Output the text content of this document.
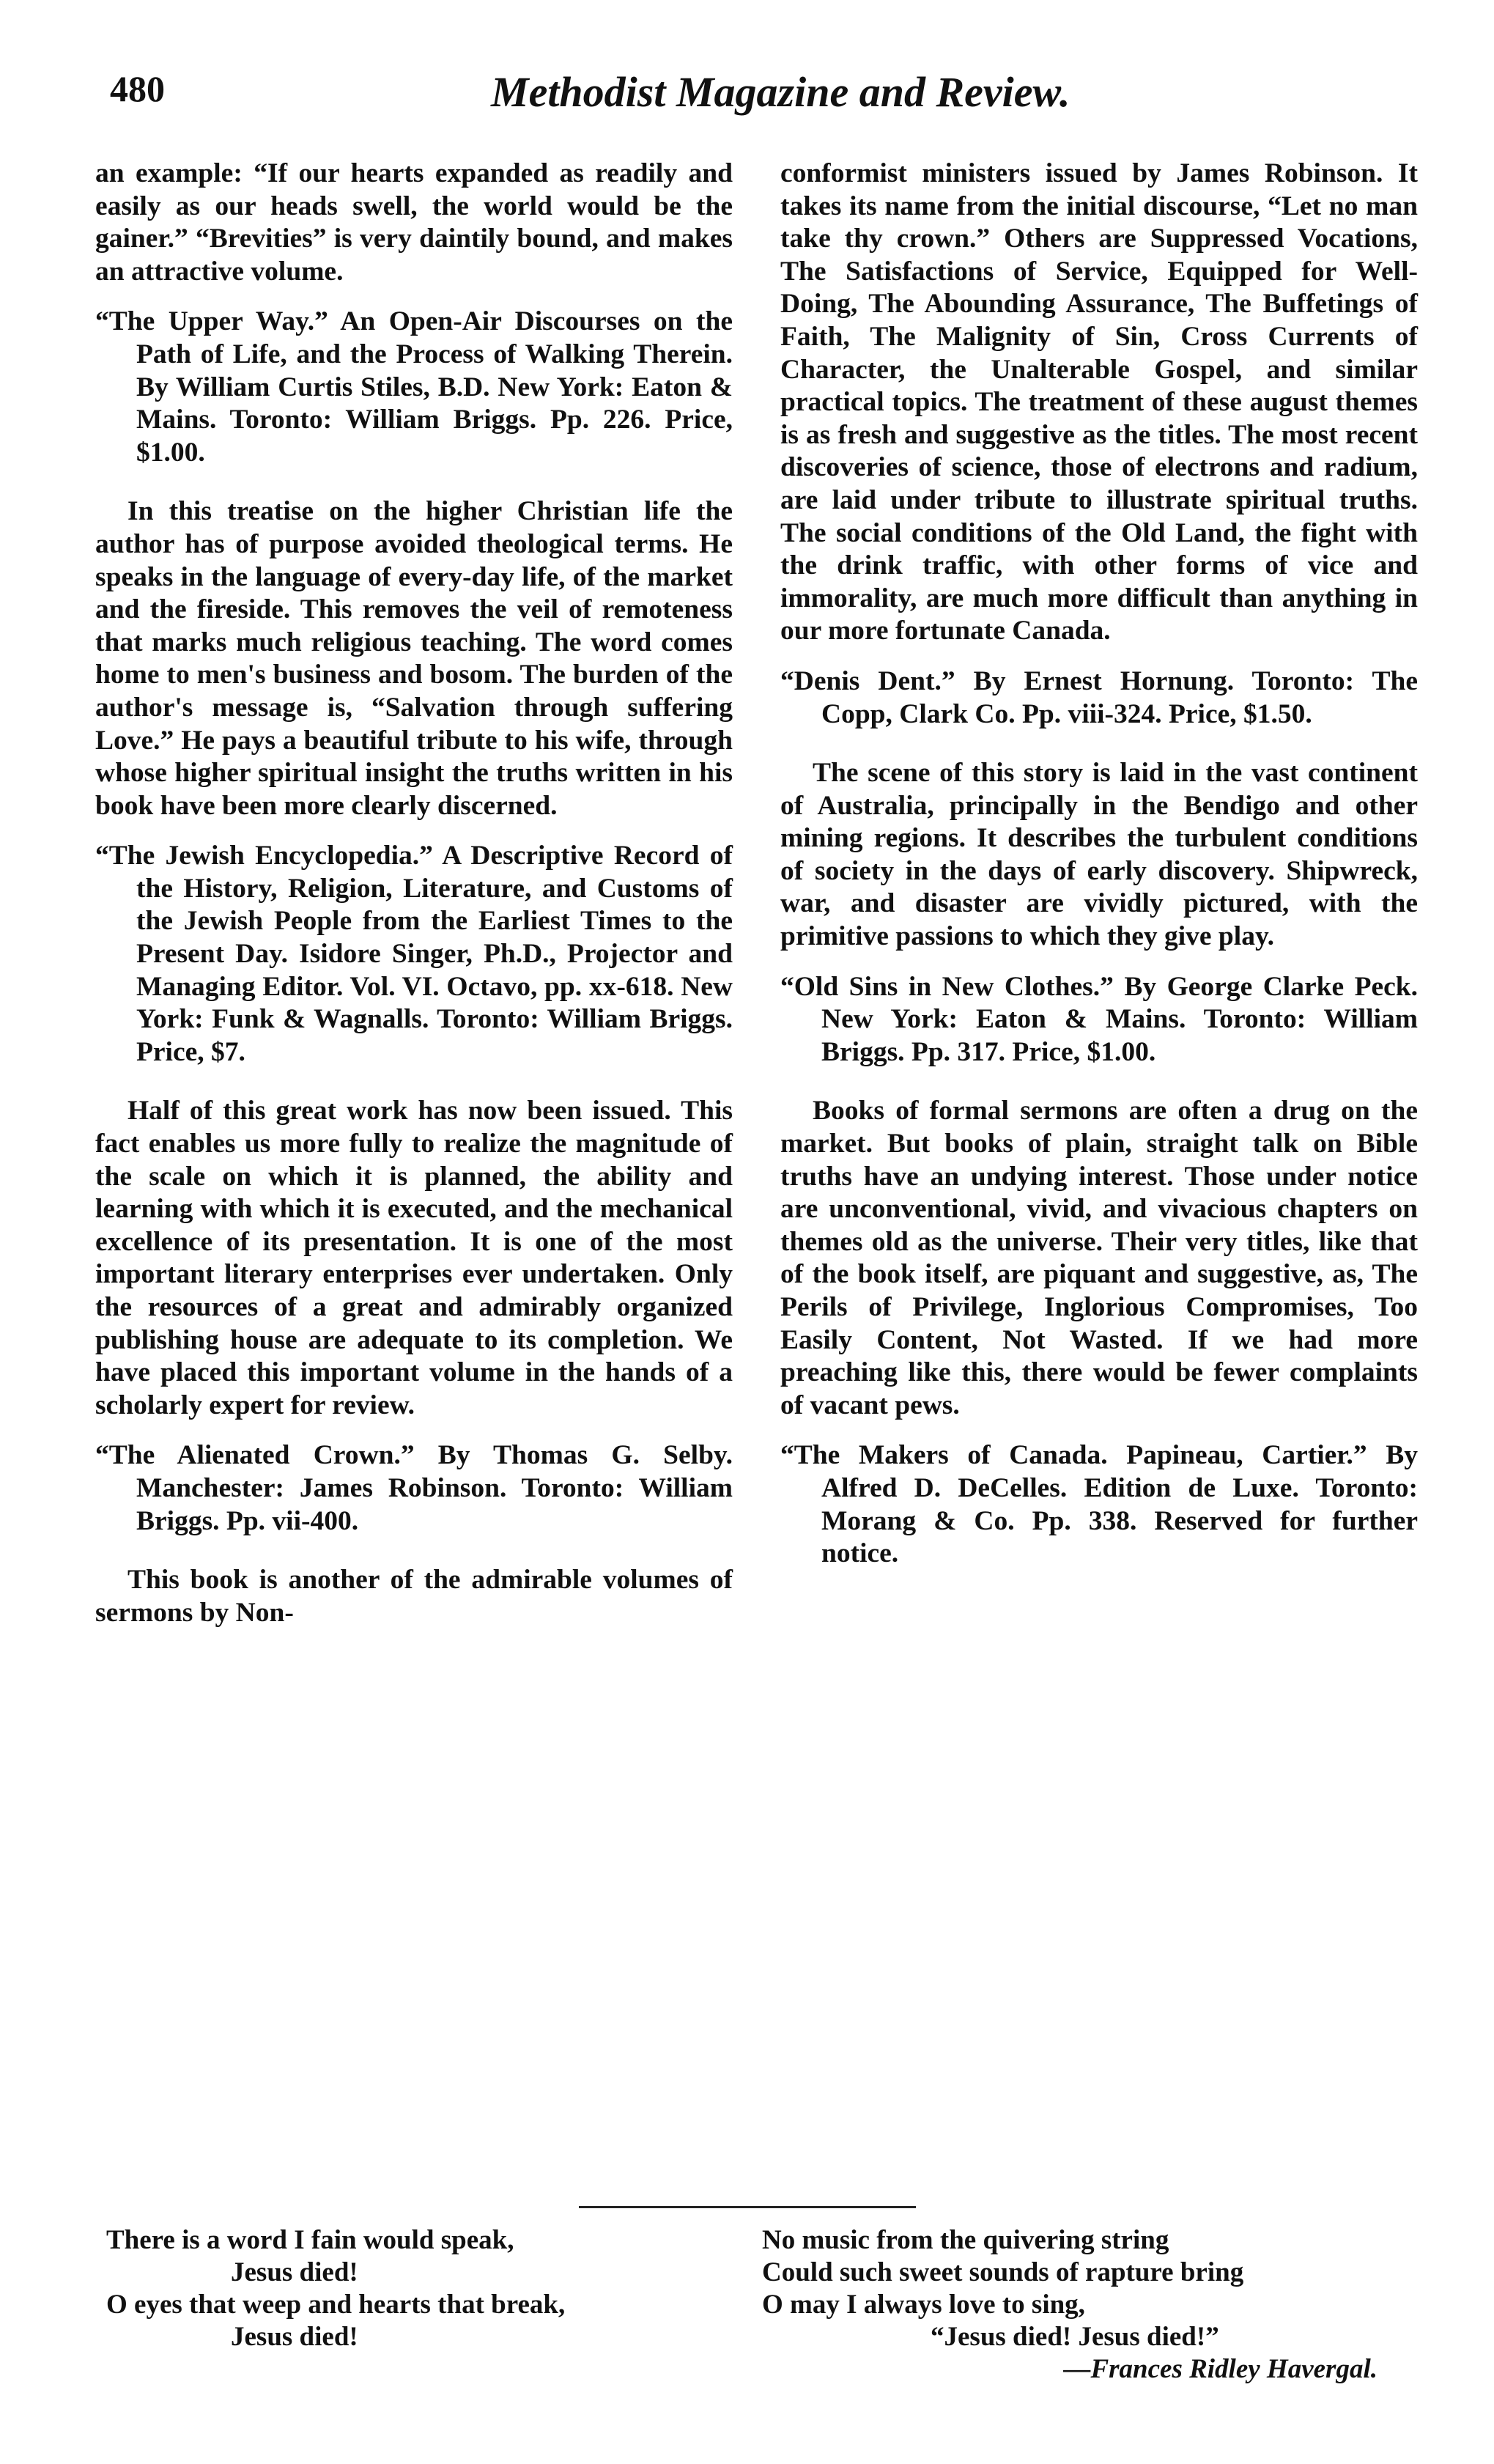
480	Methodist Magazine and Review.

an example: “If our hearts expanded as readily and easily as our heads swell, the world would be the gainer.” “Brevities” is very daintily bound, and makes an attractive volume.

“The Upper Way.” An Open-Air Discourses on the Path of Life, and the Process of Walking Therein. By William Curtis Stiles, B.D. New York: Eaton & Mains. Toronto: William Briggs. Pp. 226. Price, $1.00.

In this treatise on the higher Christian life the author has of purpose avoided theological terms. He speaks in the language of every-day life, of the market and the fireside. This removes the veil of remoteness that marks much religious teaching. The word comes home to men's business and bosom. The burden of the author's message is, “Salvation through suffering Love.” He pays a beautiful tribute to his wife, through whose higher spiritual insight the truths written in his book have been more clearly discerned.

“The Jewish Encyclopedia.” A Descriptive Record of the History, Religion, Literature, and Customs of the Jewish People from the Earliest Times to the Present Day. Isidore Singer, Ph.D., Projector and Managing Editor. Vol. VI. Octavo, pp. xx-618. New York: Funk & Wagnalls. Toronto: William Briggs. Price, $7.

Half of this great work has now been issued. This fact enables us more fully to realize the magnitude of the scale on which it is planned, the ability and learning with which it is executed, and the mechanical excellence of its presentation. It is one of the most important literary enterprises ever undertaken. Only the resources of a great and admirably organized publishing house are adequate to its completion. We have placed this important volume in the hands of a scholarly expert for review.

“The Alienated Crown.” By Thomas G. Selby. Manchester: James Robinson. Toronto: William Briggs. Pp. vii-400.

This book is another of the admirable volumes of sermons by Non-

conformist ministers issued by James Robinson. It takes its name from the initial discourse, “Let no man take thy crown.” Others are Suppressed Vocations, The Satisfactions of Service, Equipped for Well-Doing, The Abounding Assurance, The Buffetings of Faith, The Malignity of Sin, Cross Currents of Character, the Unalterable Gospel, and similar practical topics. The treatment of these august themes is as fresh and suggestive as the titles. The most recent discoveries of science, those of electrons and radium, are laid under tribute to illustrate spiritual truths. The social conditions of the Old Land, the fight with the drink traffic, with other forms of vice and immorality, are much more difficult than anything in our more fortunate Canada.

“Denis Dent.” By Ernest Hornung. Toronto: The Copp, Clark Co. Pp. viii-324. Price, $1.50.

The scene of this story is laid in the vast continent of Australia, principally in the Bendigo and other mining regions. It describes the turbulent conditions of society in the days of early discovery. Shipwreck, war, and disaster are vividly pictured, with the primitive passions to which they give play.

“Old Sins in New Clothes.” By George Clarke Peck. New York: Eaton & Mains. Toronto: William Briggs. Pp. 317. Price, $1.00.

Books of formal sermons are often a drug on the market. But books of plain, straight talk on Bible truths have an undying interest. Those under notice are unconventional, vivid, and vivacious chapters on themes old as the universe. Their very titles, like that of the book itself, are piquant and suggestive, as, The Perils of Privilege, Inglorious Compromises, Too Easily Content, Not Wasted. If we had more preaching like this, there would be fewer complaints of vacant pews.

“The Makers of Canada. Papineau, Cartier.” By Alfred D. DeCelles. Edition de Luxe. Toronto: Morang & Co. Pp. 338. Reserved for further notice.

There is a word I fain would speak,
Jesus died!
O eyes that weep and hearts that break,
Jesus died!
No music from the quivering string
Could such sweet sounds of rapture bring
O may I always love to sing,
“Jesus died! Jesus died!”
—Frances Ridley Havergal.
